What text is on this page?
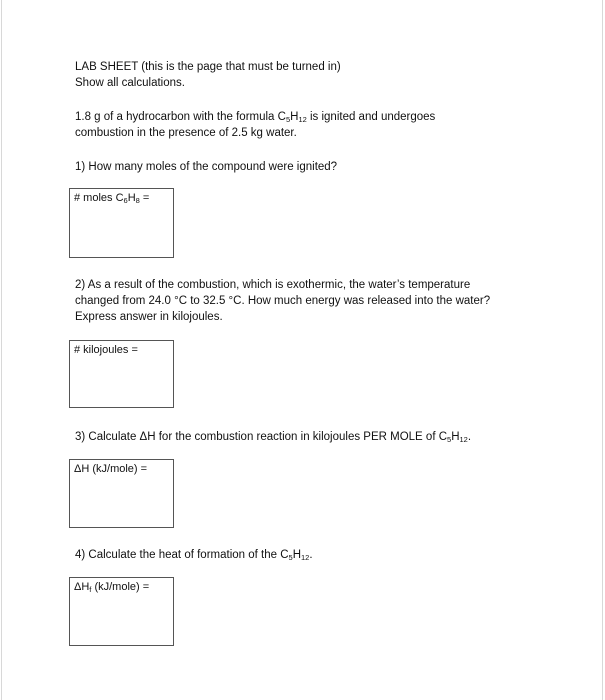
LAB SHEET (this is the page that must be turned in)
Show all calculations.
1.8 g of a hydrocarbon with the formula $C_5H_{12}$ is ignited and undergoes
combustion in the presence of 2.5 kg water.
1) How many moles of the compound were ignited?
# moles $C_6H_8$ =
2) As a result of the combustion, which is exothermic, the water’s temperature
changed from 24.0 °C to 32.5 °C. How much energy was released into the water?
Express answer in kilojoules.
# kilojoules =
3) Calculate ΔH for the combustion reaction in kilojoules PER MOLE of $C_5H_{12}$.
ΔH (kJ/mole) =
4) Calculate the heat of formation of the $C_5H_{12}$.
$\Delta H_f$ (kJ/mole) =
